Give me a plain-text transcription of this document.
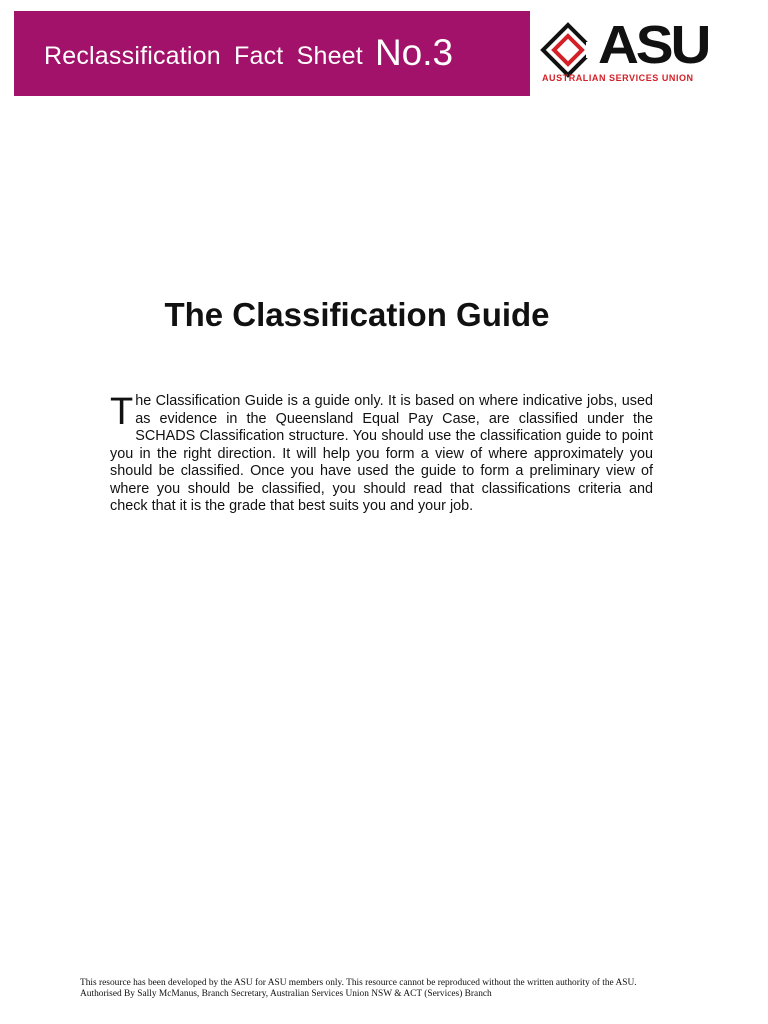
Reclassification Fact Sheet No.3	ASU
AUSTRALIAN SERVICES UNION
The Classification Guide
The Classification Guide is a guide only. It is based on where indicative jobs, used as evidence in the Queensland Equal Pay Case, are classified under the SCHADS Classification structure. You should use the classification guide to point you in the right direction. It will help you form a view of where approximately you should be classified. Once you have used the guide to form a preliminary view of where you should be classified, you should read that classifications criteria and check that it is the grade that best suits you and your job.
This resource has been developed by the ASU for ASU members only. This resource cannot be reproduced without the written authority of the ASU.
Authorised By Sally McManus, Branch Secretary, Australian Services Union NSW & ACT (Services) Branch
